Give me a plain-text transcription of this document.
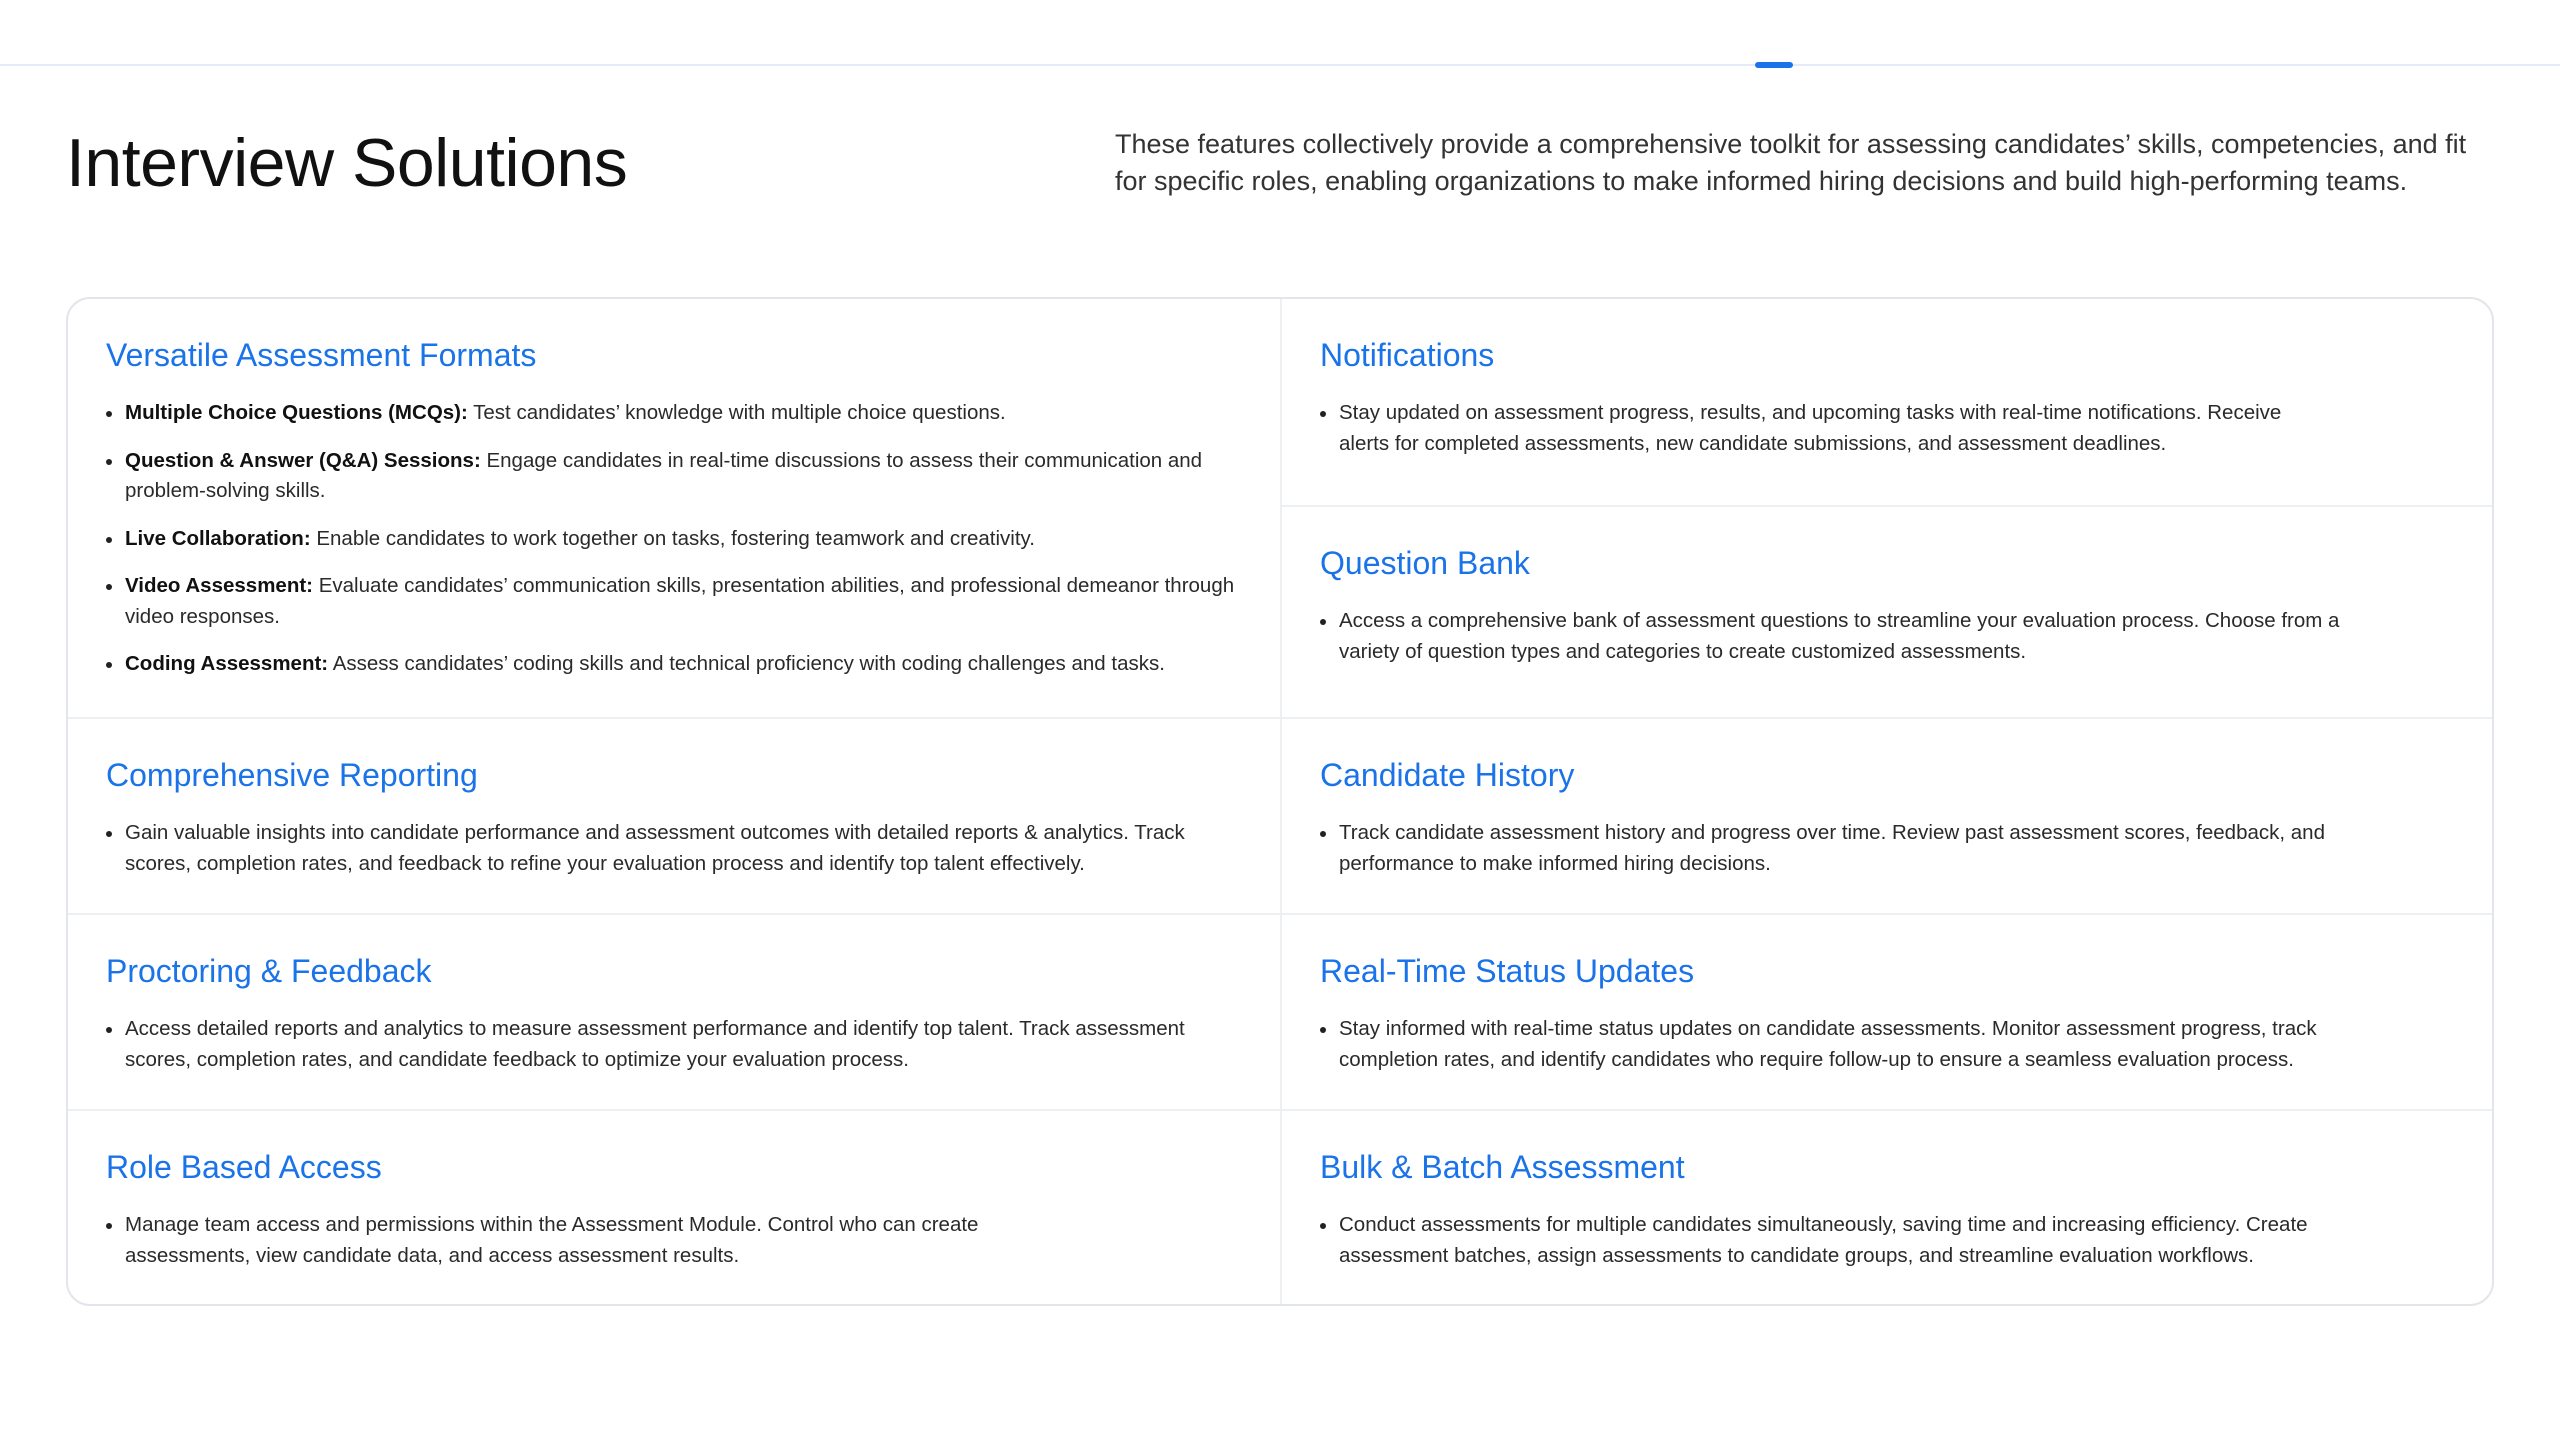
Interview Solutions	These features collectively provide a comprehensive toolkit for assessing candidates’ skills, competencies, and fit for specific roles, enabling organizations to make informed hiring decisions and build high-performing teams.

Versatile Assessment Formats
Multiple Choice Questions (MCQs): Test candidates’ knowledge with multiple choice questions.
Question & Answer (Q&A) Sessions: Engage candidates in real-time discussions to assess their communication and problem-solving skills.
Live Collaboration: Enable candidates to work together on tasks, fostering teamwork and creativity.
Video Assessment: Evaluate candidates’ communication skills, presentation abilities, and professional demeanor through video responses.
Coding Assessment: Assess candidates’ coding skills and technical proficiency with coding challenges and tasks.
Comprehensive Reporting
Gain valuable insights into candidate performance and assessment outcomes with detailed reports & analytics. Track scores, completion rates, and feedback to refine your evaluation process and identify top talent effectively.
Proctoring & Feedback
Access detailed reports and analytics to measure assessment performance and identify top talent. Track assessment scores, completion rates, and candidate feedback to optimize your evaluation process.
Role Based Access
Manage team access and permissions within the Assessment Module. Control who can create assessments, view candidate data, and access assessment results.
Notifications
Stay updated on assessment progress, results, and upcoming tasks with real-time notifications. Receive alerts for completed assessments, new candidate submissions, and assessment deadlines.
Question Bank
Access a comprehensive bank of assessment questions to streamline your evaluation process. Choose from a variety of question types and categories to create customized assessments.
Candidate History
Track candidate assessment history and progress over time. Review past assessment scores, feedback, and performance to make informed hiring decisions.
Real-Time Status Updates
Stay informed with real-time status updates on candidate assessments. Monitor assessment progress, track completion rates, and identify candidates who require follow-up to ensure a seamless evaluation process.
Bulk & Batch Assessment
Conduct assessments for multiple candidates simultaneously, saving time and increasing efficiency. Create assessment batches, assign assessments to candidate groups, and streamline evaluation workflows.
